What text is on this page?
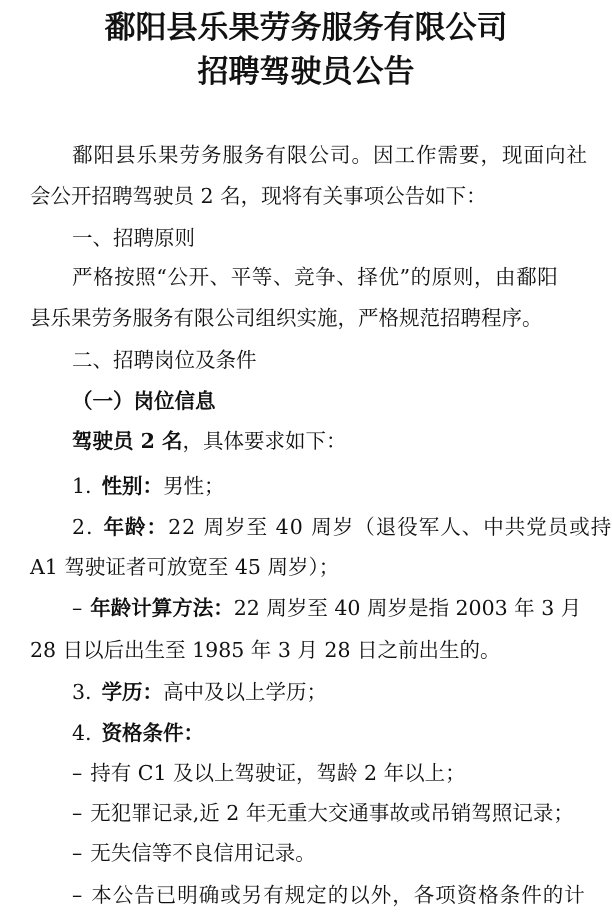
鄱阳县乐果劳务服务有限公司
招聘驾驶员公告

鄱阳县乐果劳务服务有限公司。因工作需要，现面向社

会公开招聘驾驶员 2 名，现将有关事项公告如下：

一、招聘原则

严格按照“公开、平等、竞争、择优”的原则，由鄱阳

县乐果劳务服务有限公司组织实施，严格规范招聘程序。

二、招聘岗位及条件

（一）岗位信息

驾驶员 2 名，具体要求如下：

1. 性别：男性；

2. 年龄：22 周岁至 40 周岁（退役军人、中共党员或持

A1 驾驶证者可放宽至 45 周岁）；

– 年龄计算方法：22 周岁至 40 周岁是指 2003 年 3 月

28 日以后出生至 1985 年 3 月 28 日之前出生的。

3. 学历：高中及以上学历；

4. 资格条件：

– 持有 C1 及以上驾驶证，驾龄 2 年以上；

– 无犯罪记录,近 2 年无重大交通事故或吊销驾照记录；

– 无失信等不良信用记录。

– 本公告已明确或另有规定的以外，各项资格条件的计
